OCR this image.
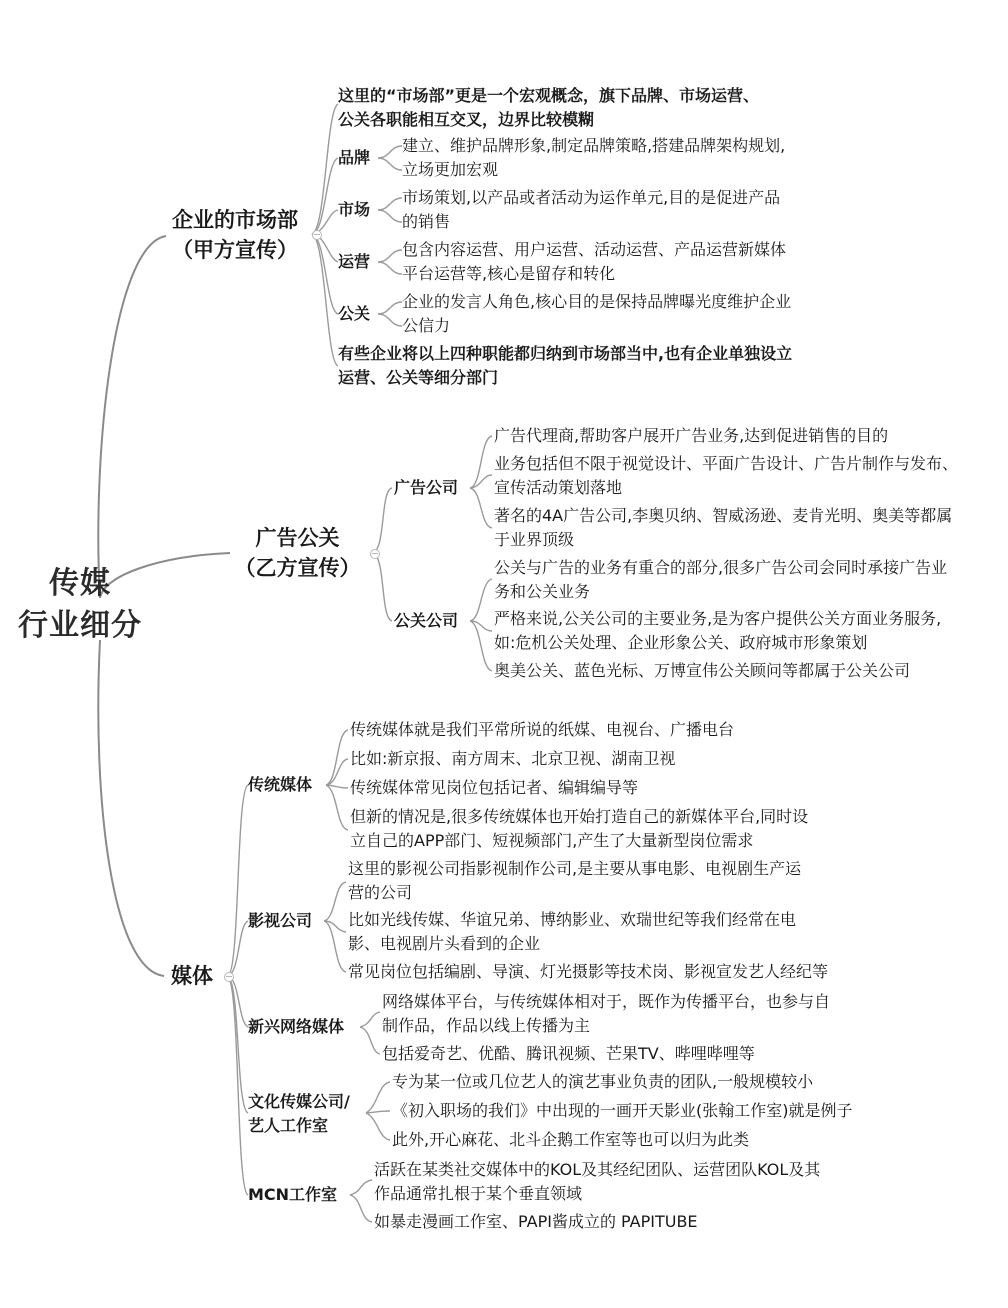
传媒
行业细分
企业的市场部
（甲方宣传）
这里的“市场部”更是一个宏观概念，旗下品牌、市场运营、
公关各职能相互交叉，边界比较模糊
品牌
建立、维护品牌形象,制定品牌策略,搭建品牌架构规划,
立场更加宏观
市场
市场策划,以产品或者活动为运作单元,目的是促进产品
的销售
运营
包含内容运营、用户运营、活动运营、产品运营新媒体
平台运营等,核心是留存和转化
公关
企业的发言人角色,核心目的是保持品牌曝光度维护企业
公信力
有些企业将以上四种职能都归纳到市场部当中,也有企业单独设立
运营、公关等细分部门
广告公关
（乙方宣传）
广告公司
广告代理商,帮助客户展开广告业务,达到促进销售的目的
业务包括但不限于视觉设计、平面广告设计、广告片制作与发布、
宣传活动策划落地
著名的4A广告公司,李奥贝纳、智威汤逊、麦肯光明、奥美等都属
于业界顶级
公关公司
公关与广告的业务有重合的部分,很多广告公司会同时承接广告业
务和公关业务
严格来说,公关公司的主要业务,是为客户提供公关方面业务服务,
如:危机公关处理、企业形象公关、政府城市形象策划
奥美公关、蓝色光标、万博宣伟公关顾问等都属于公关公司
媒体
传统媒体
传统媒体就是我们平常所说的纸媒、电视台、广播电台
比如:新京报、南方周末、北京卫视、湖南卫视
传统媒体常见岗位包括记者、编辑编导等
但新的情况是,很多传统媒体也开始打造自己的新媒体平台,同时设
立自己的APP部门、短视频部门,产生了大量新型岗位需求
影视公司
这里的影视公司指影视制作公司,是主要从事电影、电视剧生产运
营的公司
比如光线传媒、华谊兄弟、博纳影业、欢瑞世纪等我们经常在电
影、电视剧片头看到的企业
常见岗位包括编剧、导演、灯光摄影等技术岗、影视宣发艺人经纪等
新兴网络媒体
网络媒体平台，与传统媒体相对于，既作为传播平台，也参与自
制作品，作品以线上传播为主
包括爱奇艺、优酷、腾讯视频、芒果TV、哔哩哔哩等
文化传媒公司/
艺人工作室
专为某一位或几位艺人的演艺事业负责的团队,一般规模较小
《初入职场的我们》中出现的一画开天影业(张翰工作室)就是例子
此外,开心麻花、北斗企鹅工作室等也可以归为此类
MCN工作室
活跃在某类社交媒体中的KOL及其经纪团队、运营团队KOL及其
作品通常扎根于某个垂直领域
如暴走漫画工作室、PAPI酱成立的 PAPITUBE
